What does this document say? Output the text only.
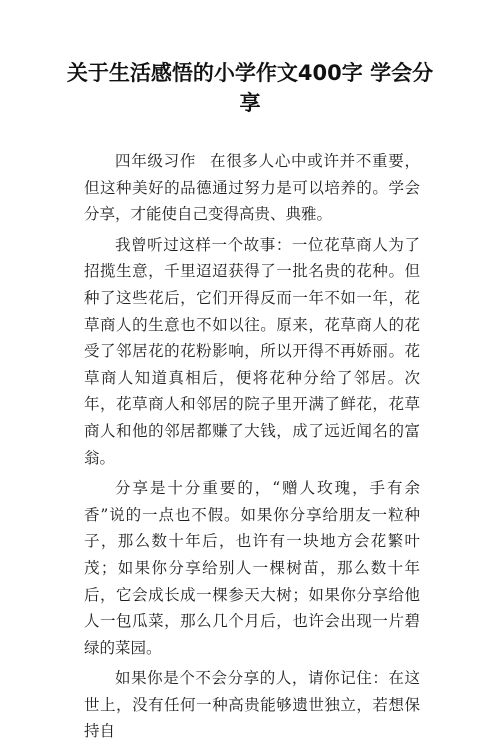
关于生活感悟的小学作文400字 学会分享

四年级习作 在很多人心中或许并不重要，但这种美好的品德通过努力是可以培养的。学会分享，才能使自己变得高贵、典雅。

我曾听过这样一个故事：一位花草商人为了招揽生意，千里迢迢获得了一批名贵的花种。但种了这些花后，它们开得反而一年不如一年，花草商人的生意也不如以往。原来，花草商人的花受了邻居花的花粉影响，所以开得不再娇丽。花草商人知道真相后，便将花种分给了邻居。次年，花草商人和邻居的院子里开满了鲜花，花草商人和他的邻居都赚了大钱，成了远近闻名的富翁。

分享是十分重要的，“赠人玫瑰，手有余香”说的一点也不假。如果你分享给朋友一粒种子，那么数十年后，也许有一块地方会花繁叶茂；如果你分享给别人一棵树苗，那么数十年后，它会成长成一棵参天大树；如果你分享给他人一包瓜菜，那么几个月后，也许会出现一片碧绿的菜园。

如果你是个不会分享的人，请你记住：在这世上，没有任何一种高贵能够遗世独立，若想保持自
